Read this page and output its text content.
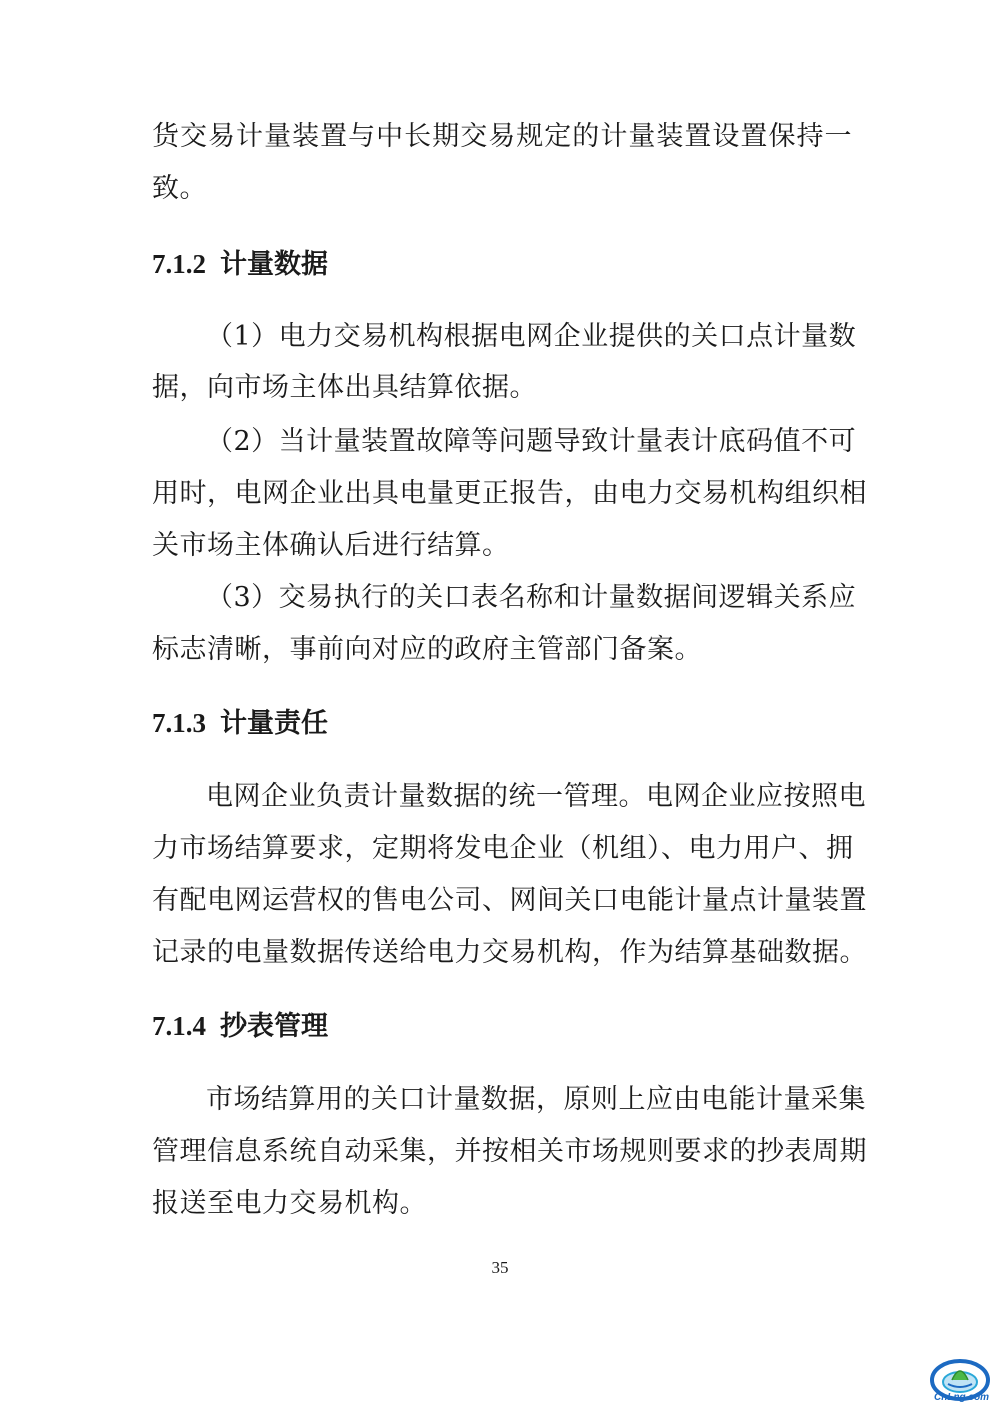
货交易计量装置与中长期交易规定的计量装置设置保持一
致。
7.1.2 计量数据
（1）电力交易机构根据电网企业提供的关口点计量数
据，向市场主体出具结算依据。
（2）当计量装置故障等问题导致计量表计底码值不可
用时，电网企业出具电量更正报告，由电力交易机构组织相
关市场主体确认后进行结算。
（3）交易执行的关口表名称和计量数据间逻辑关系应
标志清晰，事前向对应的政府主管部门备案。
7.1.3 计量责任
电网企业负责计量数据的统一管理。电网企业应按照电
力市场结算要求，定期将发电企业（机组）、电力用户、拥
有配电网运营权的售电公司、网间关口电能计量点计量装置
记录的电量数据传送给电力交易机构，作为结算基础数据。
7.1.4 抄表管理
市场结算用的关口计量数据，原则上应由电能计量采集
管理信息系统自动采集，并按相关市场规则要求的抄表周期
报送至电力交易机构。
35
CnLng.com
